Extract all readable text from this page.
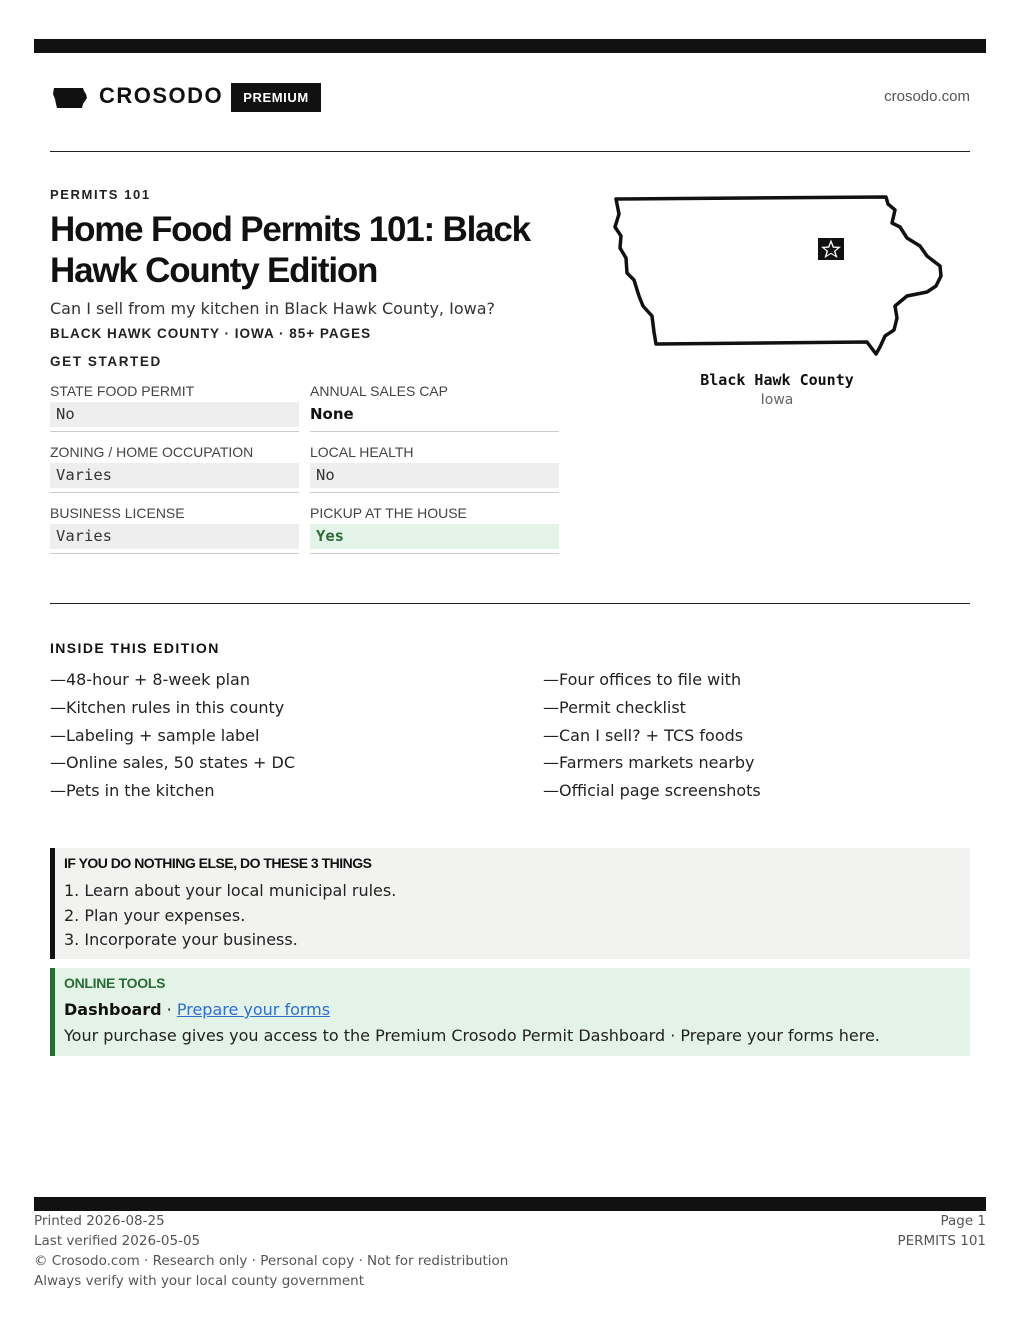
CROSODO	PREMIUM	crosodo.com
PERMITS 101
Home Food Permits 101: Black Hawk County Edition
Can I sell from my kitchen in Black Hawk County, Iowa?
BLACK HAWK COUNTY · IOWA · 85+ PAGES
GET STARTED
STATE FOOD PERMIT
No
ANNUAL SALES CAP
None
ZONING / HOME OCCUPATION
Varies
LOCAL HEALTH
No
BUSINESS LICENSE
Varies
PICKUP AT THE HOUSE
Yes
Black Hawk County
Iowa
INSIDE THIS EDITION
—48-hour + 8-week plan
—Kitchen rules in this county
—Labeling + sample label
—Online sales, 50 states + DC
—Pets in the kitchen
—Four offices to file with
—Permit checklist
—Can I sell? + TCS foods
—Farmers markets nearby
—Official page screenshots
IF YOU DO NOTHING ELSE, DO THESE 3 THINGS
1. Learn about your local municipal rules.
2. Plan your expenses.
3. Incorporate your business.
ONLINE TOOLS
Dashboard · Prepare your forms
Your purchase gives you access to the Premium Crosodo Permit Dashboard · Prepare your forms here.
Printed 2026-08-25
Last verified 2026-05-05
© Crosodo.com · Research only · Personal copy · Not for redistribution
Always verify with your local county government
Page 1
PERMITS 101
